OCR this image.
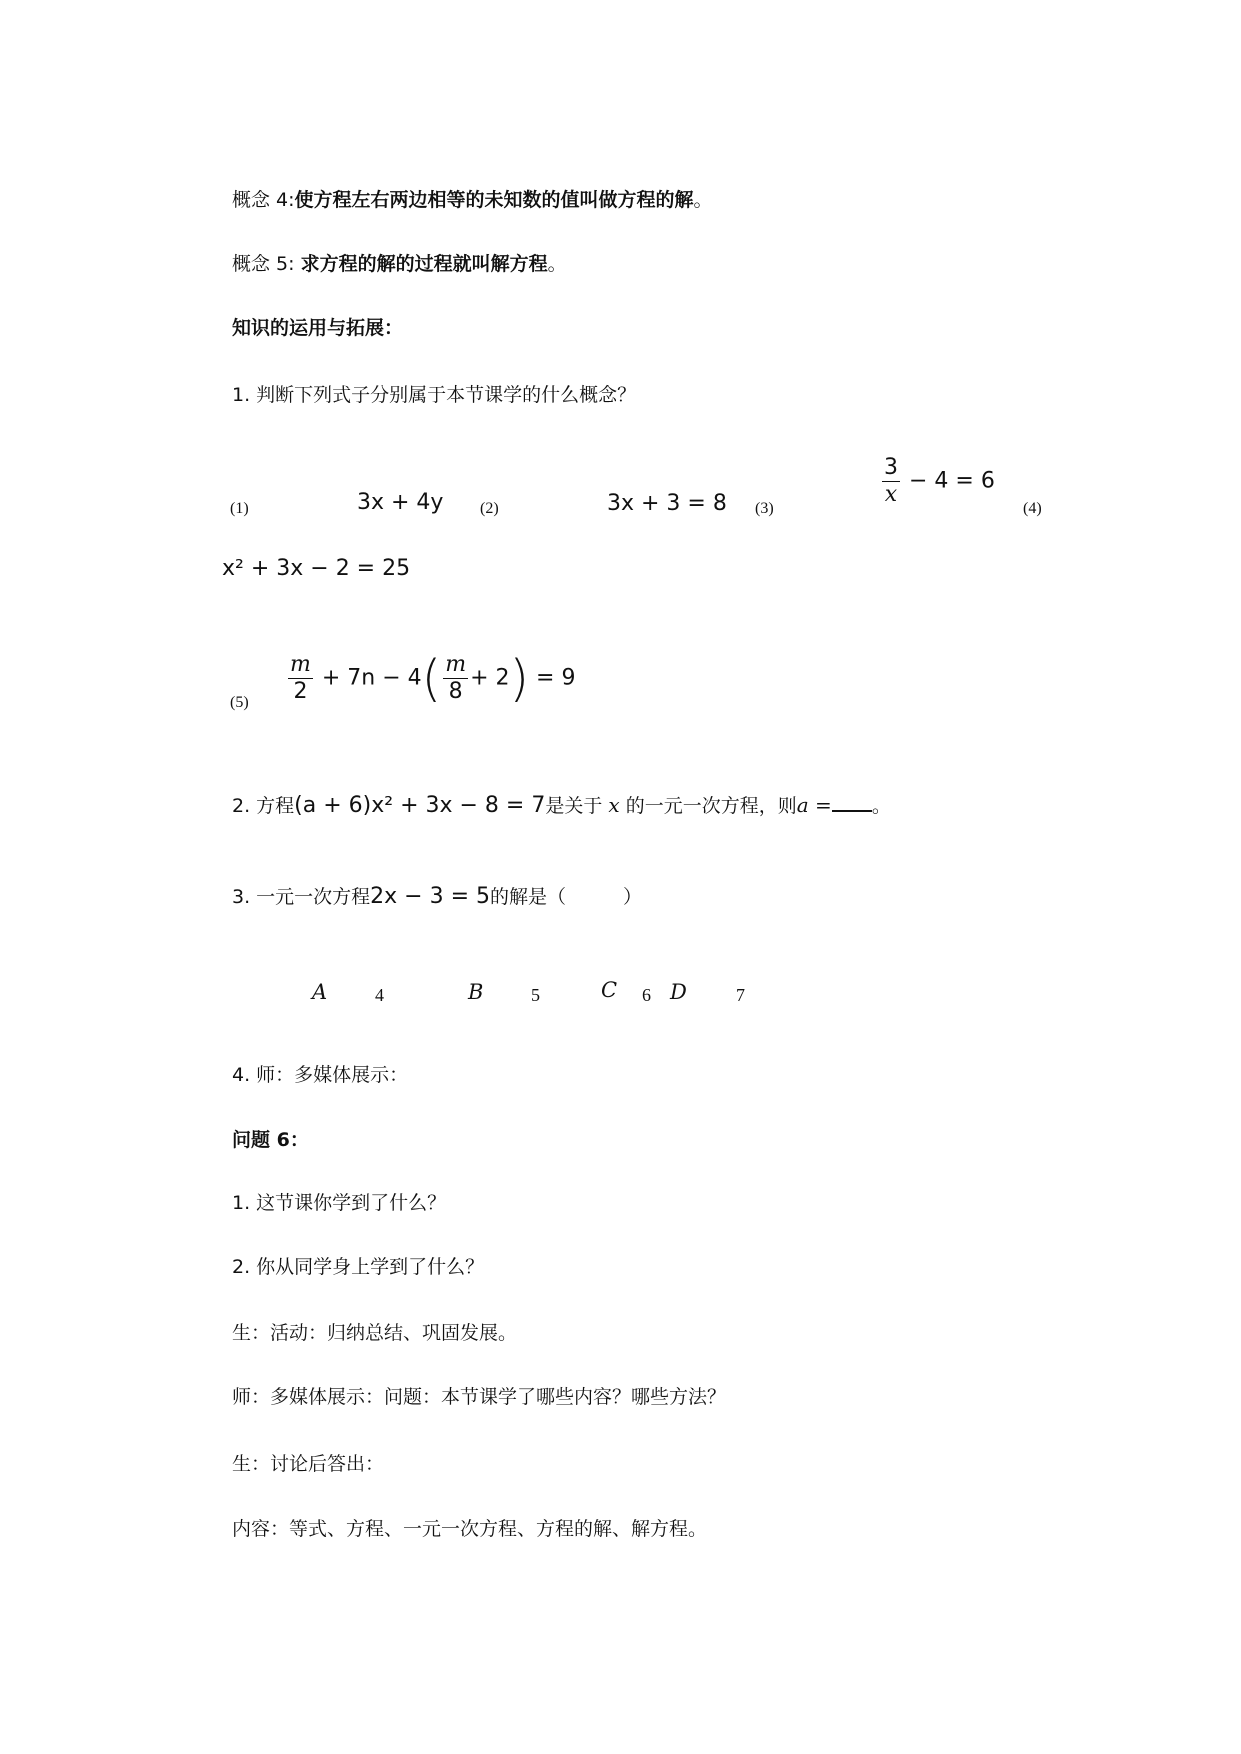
概念 4:使方程左右两边相等的未知数的值叫做方程的解。
概念 5: 求方程的解的过程就叫解方程。
知识的运用与拓展：
1. 判断下列式子分别属于本节课学的什么概念？
(1)	3x + 4y (2)	3x + 3 = 8 (3)
$\frac{3}{x} - 4 = 6$
(4)
x² + 3x − 2 = 25
$(5) \frac{m}{2} + 7n - 4( \frac{m}{8} + 2) = 9$
2. 方程(a + 6)x² + 3x − 8 = 7是关于 x 的一元一次方程，则a = 。
3. 一元一次方程2x − 3 = 5的解是（　　　）
A	4	B	5	C 6 D	7
4. 师：多媒体展示：
问题 6：
1. 这节课你学到了什么？
2. 你从同学身上学到了什么？
生：活动：归纳总结、巩固发展。
师：多媒体展示：问题：本节课学了哪些内容？哪些方法？
生：讨论后答出：
内容：等式、方程、一元一次方程、方程的解、解方程。
